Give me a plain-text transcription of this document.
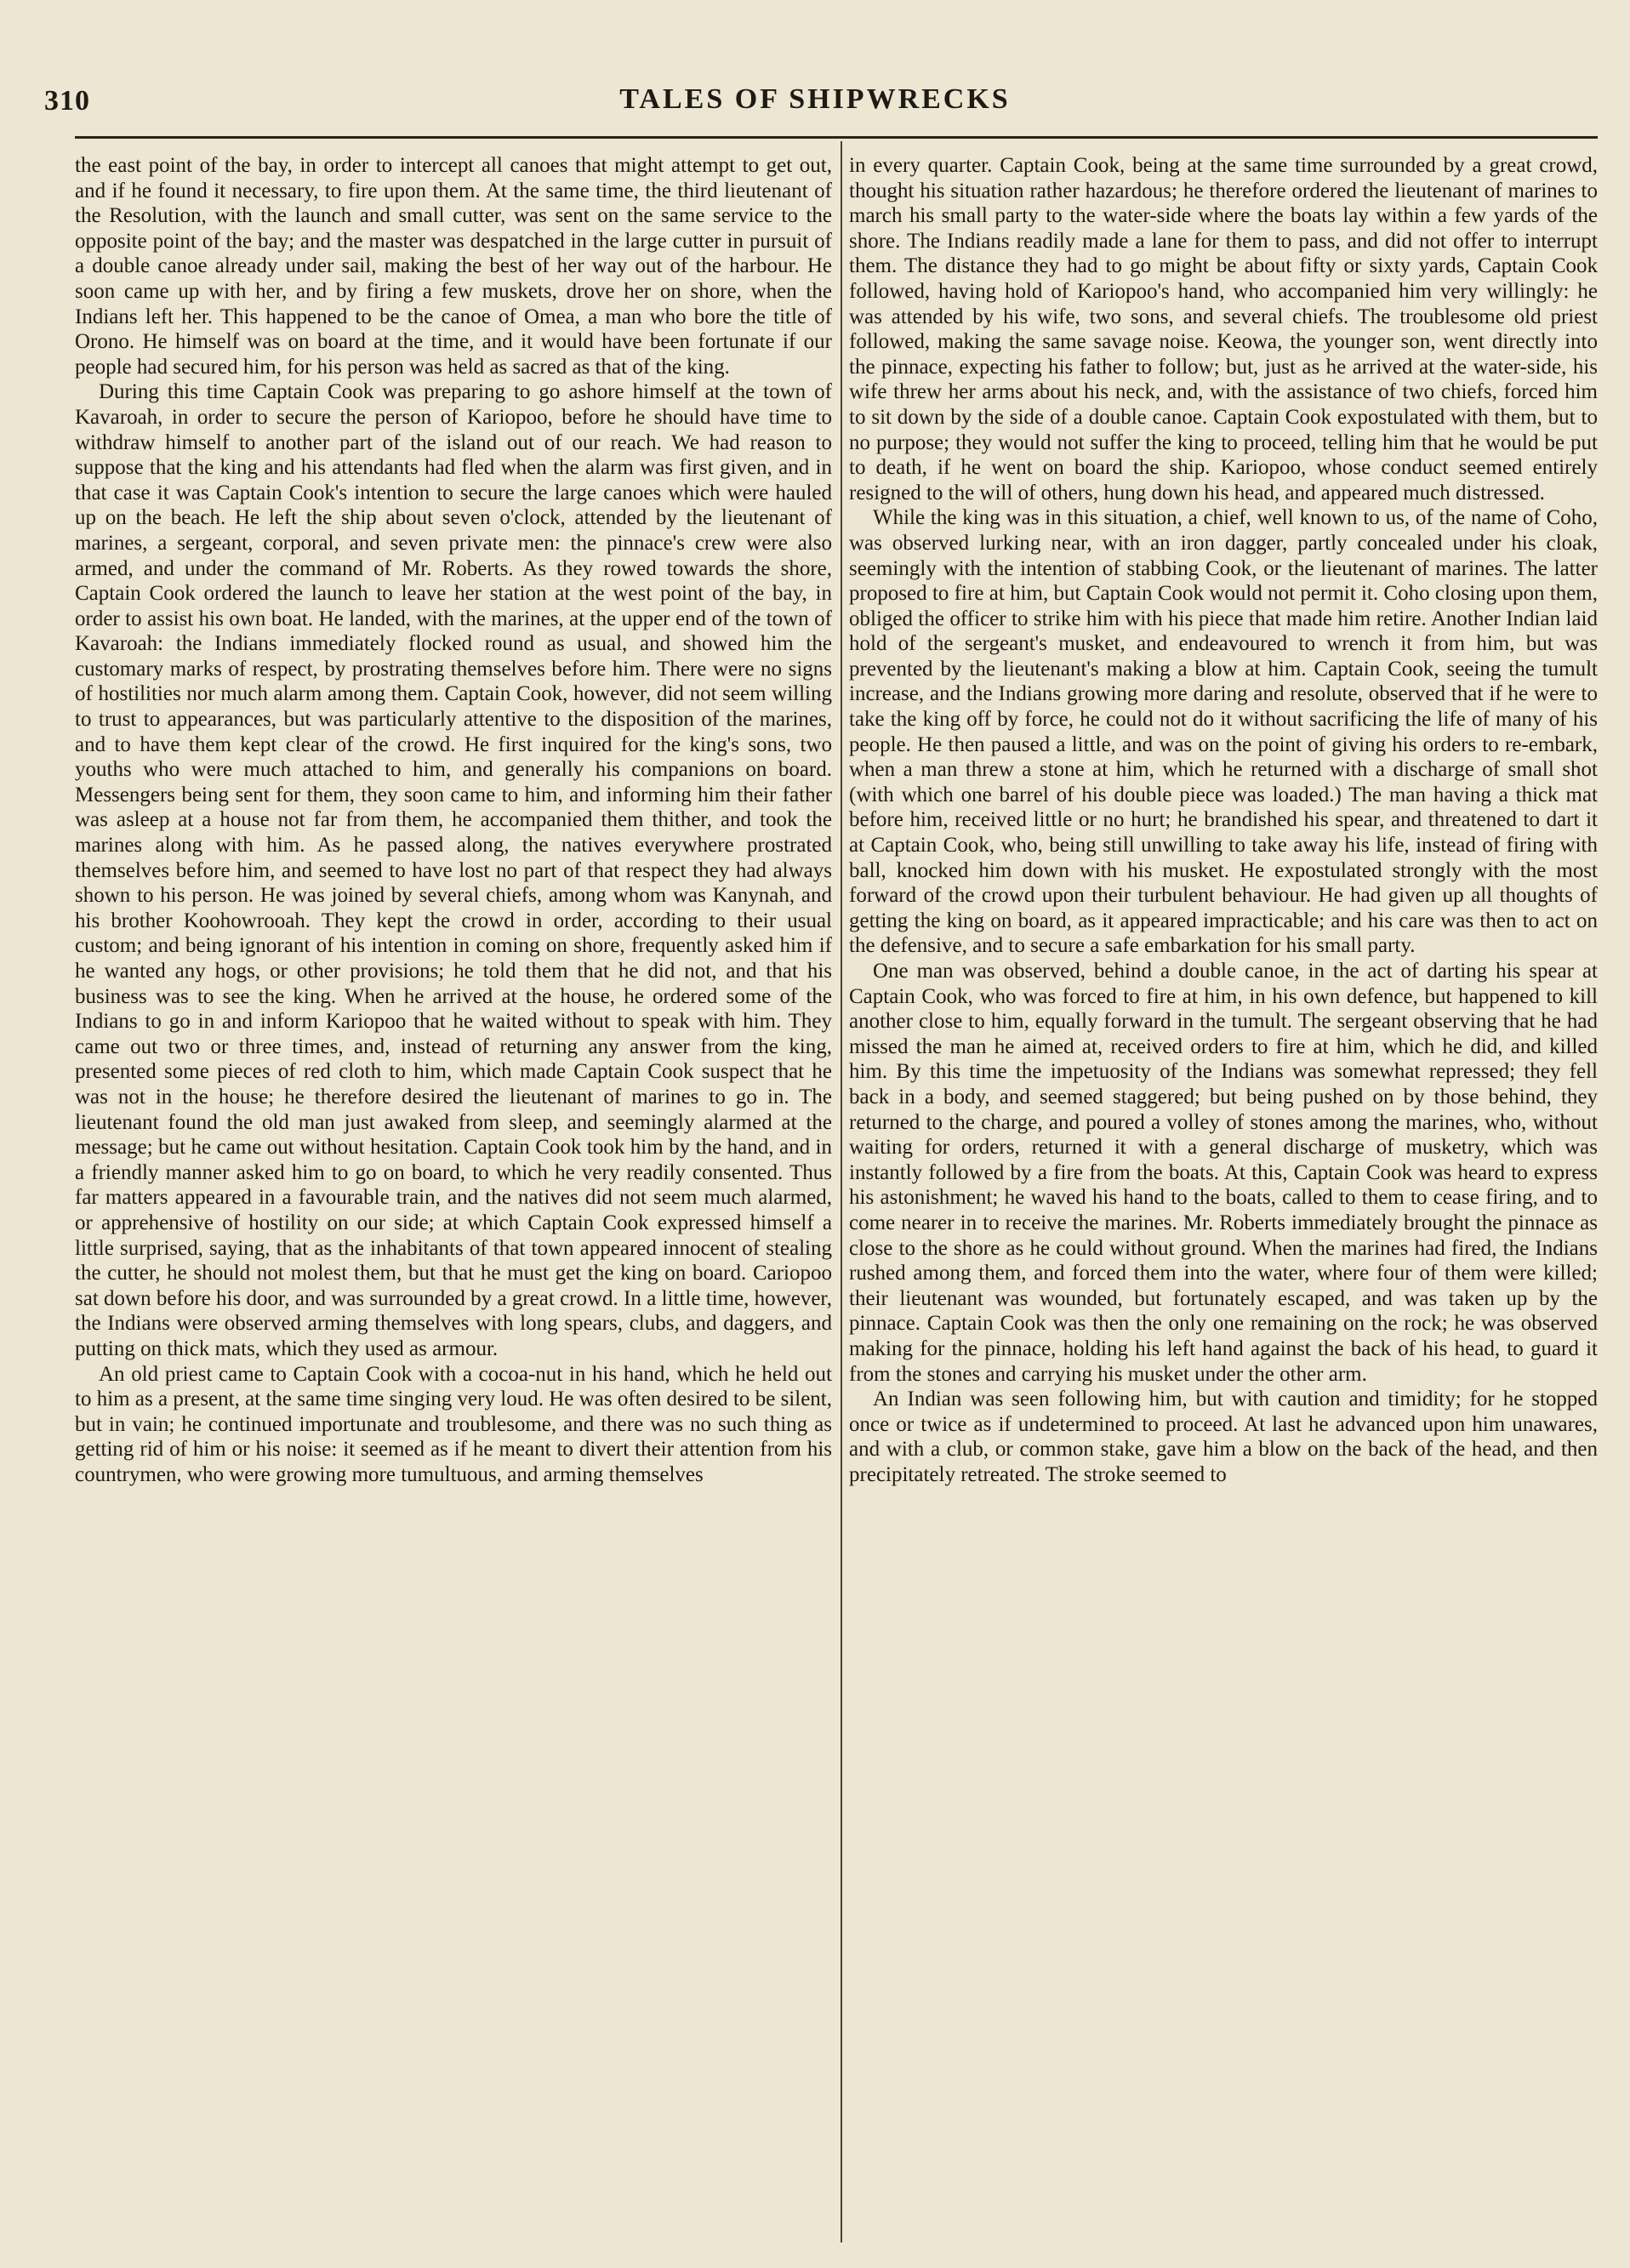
310	TALES OF SHIPWRECKS

the east point of the bay, in order to intercept all canoes that might attempt to get out, and if he found it necessary, to fire upon them. At the same time, the third lieutenant of the Resolution, with the launch and small cutter, was sent on the same service to the opposite point of the bay; and the master was despatched in the large cutter in pursuit of a double canoe already under sail, making the best of her way out of the harbour. He soon came up with her, and by firing a few muskets, drove her on shore, when the Indians left her. This happened to be the canoe of Omea, a man who bore the title of Orono. He himself was on board at the time, and it would have been fortunate if our people had secured him, for his person was held as sacred as that of the king.

During this time Captain Cook was preparing to go ashore himself at the town of Kavaroah, in order to secure the person of Kariopoo, before he should have time to withdraw himself to another part of the island out of our reach. We had reason to suppose that the king and his attendants had fled when the alarm was first given, and in that case it was Captain Cook's intention to secure the large canoes which were hauled up on the beach. He left the ship about seven o'clock, attended by the lieutenant of marines, a sergeant, corporal, and seven private men: the pinnace's crew were also armed, and under the command of Mr. Roberts. As they rowed towards the shore, Captain Cook ordered the launch to leave her station at the west point of the bay, in order to assist his own boat. He landed, with the marines, at the upper end of the town of Kavaroah: the Indians immediately flocked round as usual, and showed him the customary marks of respect, by prostrating themselves before him. There were no signs of hostilities nor much alarm among them. Captain Cook, however, did not seem willing to trust to appearances, but was particularly attentive to the disposition of the marines, and to have them kept clear of the crowd. He first inquired for the king's sons, two youths who were much attached to him, and generally his companions on board. Messengers being sent for them, they soon came to him, and informing him their father was asleep at a house not far from them, he accompanied them thither, and took the marines along with him. As he passed along, the natives everywhere prostrated themselves before him, and seemed to have lost no part of that respect they had always shown to his person. He was joined by several chiefs, among whom was Kanynah, and his brother Koohowrooah. They kept the crowd in order, according to their usual custom; and being ignorant of his intention in coming on shore, frequently asked him if he wanted any hogs, or other provisions; he told them that he did not, and that his business was to see the king. When he arrived at the house, he ordered some of the Indians to go in and inform Kariopoo that he waited without to speak with him. They came out two or three times, and, instead of returning any answer from the king, presented some pieces of red cloth to him, which made Captain Cook suspect that he was not in the house; he therefore desired the lieutenant of marines to go in. The lieutenant found the old man just awaked from sleep, and seemingly alarmed at the message; but he came out without hesitation. Captain Cook took him by the hand, and in a friendly manner asked him to go on board, to which he very readily consented. Thus far matters appeared in a favourable train, and the natives did not seem much alarmed, or apprehensive of hostility on our side; at which Captain Cook expressed himself a little surprised, saying, that as the inhabitants of that town appeared innocent of stealing the cutter, he should not molest them, but that he must get the king on board. Cariopoo sat down before his door, and was surrounded by a great crowd. In a little time, however, the Indians were observed arming themselves with long spears, clubs, and daggers, and putting on thick mats, which they used as armour.

An old priest came to Captain Cook with a cocoa-nut in his hand, which he held out to him as a present, at the same time singing very loud. He was often desired to be silent, but in vain; he continued importunate and troublesome, and there was no such thing as getting rid of him or his noise: it seemed as if he meant to divert their attention from his countrymen, who were growing more tumultuous, and arming themselves

in every quarter. Captain Cook, being at the same time surrounded by a great crowd, thought his situation rather hazardous; he therefore ordered the lieutenant of marines to march his small party to the water-side where the boats lay within a few yards of the shore. The Indians readily made a lane for them to pass, and did not offer to interrupt them. The distance they had to go might be about fifty or sixty yards, Captain Cook followed, having hold of Kariopoo's hand, who accompanied him very willingly: he was attended by his wife, two sons, and several chiefs. The troublesome old priest followed, making the same savage noise. Keowa, the younger son, went directly into the pinnace, expecting his father to follow; but, just as he arrived at the water-side, his wife threw her arms about his neck, and, with the assistance of two chiefs, forced him to sit down by the side of a double canoe. Captain Cook expostulated with them, but to no purpose; they would not suffer the king to proceed, telling him that he would be put to death, if he went on board the ship. Kariopoo, whose conduct seemed entirely resigned to the will of others, hung down his head, and appeared much distressed.

While the king was in this situation, a chief, well known to us, of the name of Coho, was observed lurking near, with an iron dagger, partly concealed under his cloak, seemingly with the intention of stabbing Cook, or the lieutenant of marines. The latter proposed to fire at him, but Captain Cook would not permit it. Coho closing upon them, obliged the officer to strike him with his piece that made him retire. Another Indian laid hold of the sergeant's musket, and endeavoured to wrench it from him, but was prevented by the lieutenant's making a blow at him. Captain Cook, seeing the tumult increase, and the Indians growing more daring and resolute, observed that if he were to take the king off by force, he could not do it without sacrificing the life of many of his people. He then paused a little, and was on the point of giving his orders to re-embark, when a man threw a stone at him, which he returned with a discharge of small shot (with which one barrel of his double piece was loaded.) The man having a thick mat before him, received little or no hurt; he brandished his spear, and threatened to dart it at Captain Cook, who, being still unwilling to take away his life, instead of firing with ball, knocked him down with his musket. He expostulated strongly with the most forward of the crowd upon their turbulent behaviour. He had given up all thoughts of getting the king on board, as it appeared impracticable; and his care was then to act on the defensive, and to secure a safe embarkation for his small party.

One man was observed, behind a double canoe, in the act of darting his spear at Captain Cook, who was forced to fire at him, in his own defence, but happened to kill another close to him, equally forward in the tumult. The sergeant observing that he had missed the man he aimed at, received orders to fire at him, which he did, and killed him. By this time the impetuosity of the Indians was somewhat repressed; they fell back in a body, and seemed staggered; but being pushed on by those behind, they returned to the charge, and poured a volley of stones among the marines, who, without waiting for orders, returned it with a general discharge of musketry, which was instantly followed by a fire from the boats. At this, Captain Cook was heard to express his astonishment; he waved his hand to the boats, called to them to cease firing, and to come nearer in to receive the marines. Mr. Roberts immediately brought the pinnace as close to the shore as he could without ground. When the marines had fired, the Indians rushed among them, and forced them into the water, where four of them were killed; their lieutenant was wounded, but fortunately escaped, and was taken up by the pinnace. Captain Cook was then the only one remaining on the rock; he was observed making for the pinnace, holding his left hand against the back of his head, to guard it from the stones and carrying his musket under the other arm.

An Indian was seen following him, but with caution and timidity; for he stopped once or twice as if undetermined to proceed. At last he advanced upon him unawares, and with a club, or common stake, gave him a blow on the back of the head, and then precipitately retreated. The stroke seemed to
